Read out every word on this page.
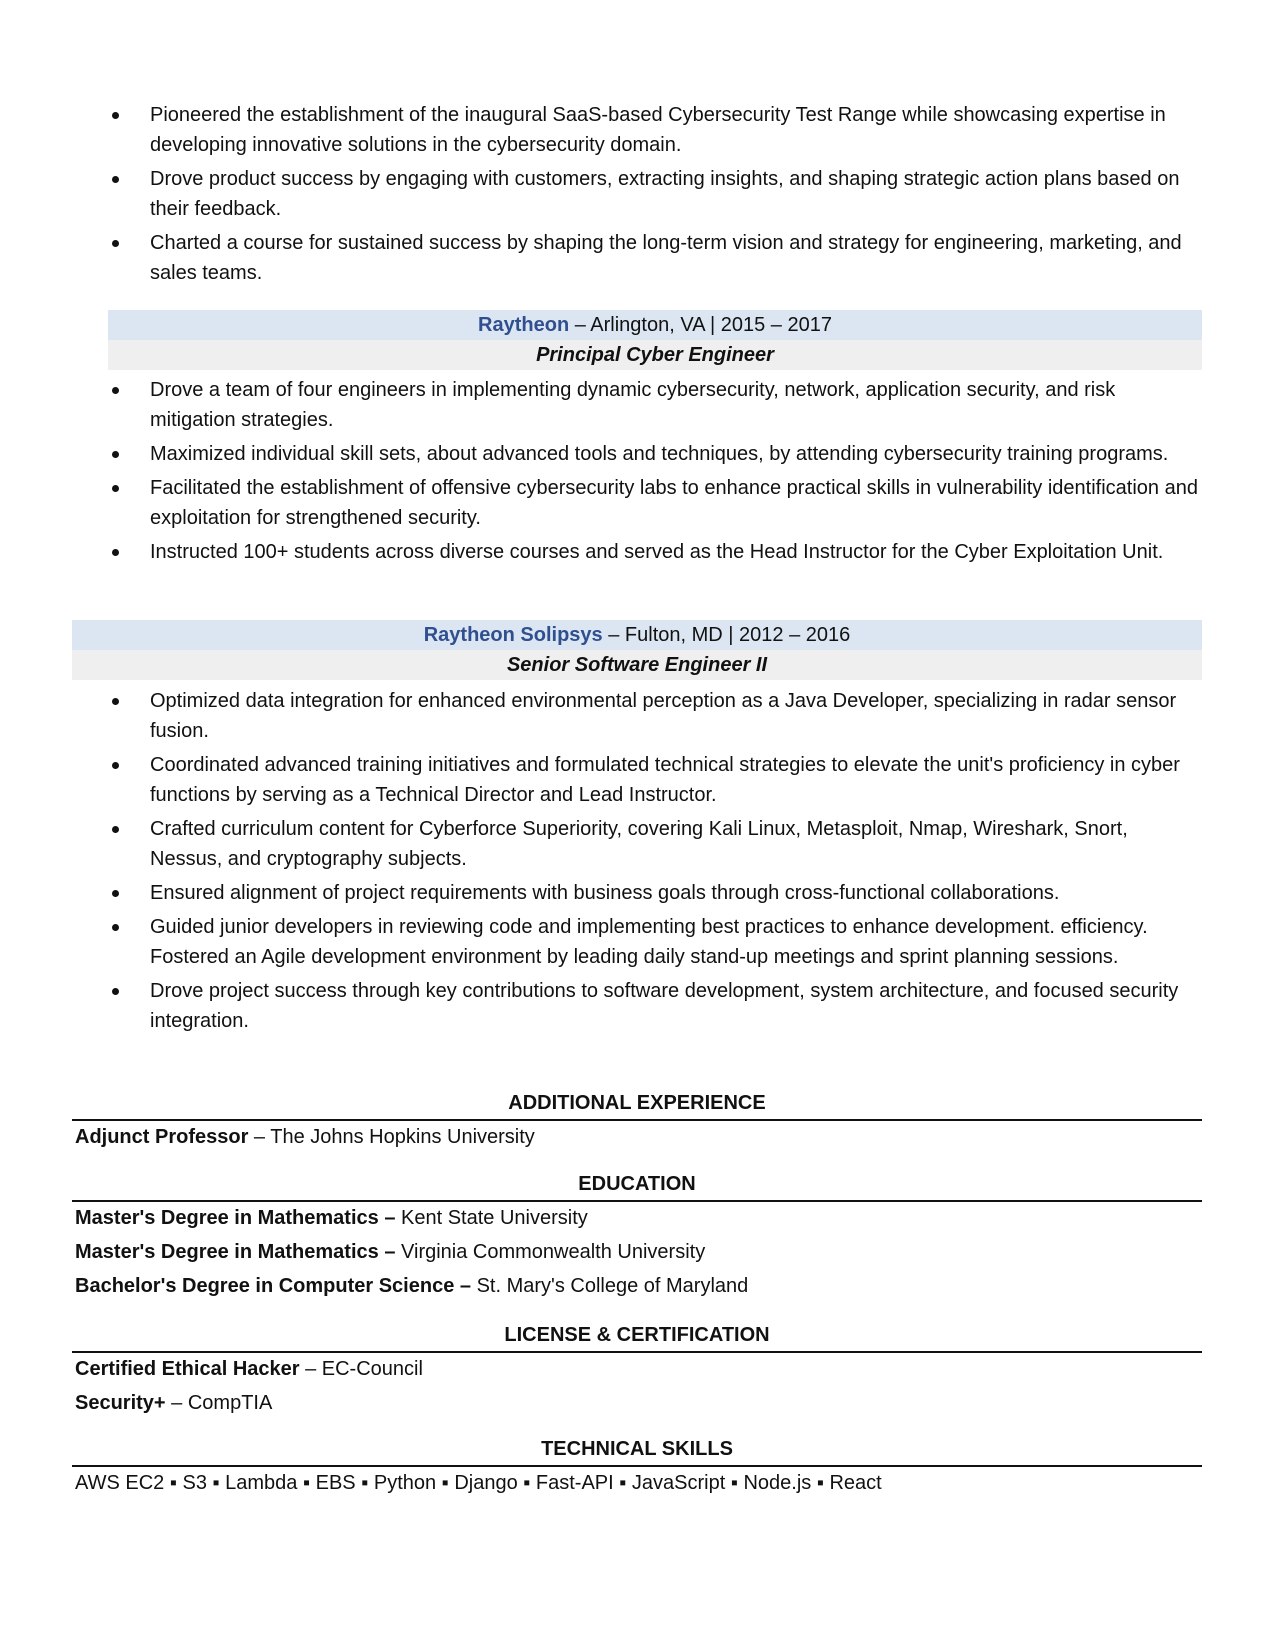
Pioneered the establishment of the inaugural SaaS-based Cybersecurity Test Range while showcasing expertise in developing innovative solutions in the cybersecurity domain.
Drove product success by engaging with customers, extracting insights, and shaping strategic action plans based on their feedback.
Charted a course for sustained success by shaping the long-term vision and strategy for engineering, marketing, and sales teams.
Raytheon – Arlington, VA | 2015 – 2017
Principal Cyber Engineer
Drove a team of four engineers in implementing dynamic cybersecurity, network, application security, and risk mitigation strategies.
Maximized individual skill sets, about advanced tools and techniques, by attending cybersecurity training programs.
Facilitated the establishment of offensive cybersecurity labs to enhance practical skills in vulnerability identification and exploitation for strengthened security.
Instructed 100+ students across diverse courses and served as the Head Instructor for the Cyber Exploitation Unit.
Raytheon Solipsys – Fulton, MD | 2012 – 2016
Senior Software Engineer II
Optimized data integration for enhanced environmental perception as a Java Developer, specializing in radar sensor fusion.
Coordinated advanced training initiatives and formulated technical strategies to elevate the unit's proficiency in cyber functions by serving as a Technical Director and Lead Instructor.
Crafted curriculum content for Cyberforce Superiority, covering Kali Linux, Metasploit, Nmap, Wireshark, Snort, Nessus, and cryptography subjects.
Ensured alignment of project requirements with business goals through cross-functional collaborations.
Guided junior developers in reviewing code and implementing best practices to enhance development. efficiency. Fostered an Agile development environment by leading daily stand-up meetings and sprint planning sessions.
Drove project success through key contributions to software development, system architecture, and focused security integration.
ADDITIONAL EXPERIENCE
Adjunct Professor – The Johns Hopkins University
EDUCATION
Master's Degree in Mathematics – Kent State University
Master's Degree in Mathematics – Virginia Commonwealth University
Bachelor's Degree in Computer Science – St. Mary's College of Maryland
LICENSE & CERTIFICATION
Certified Ethical Hacker – EC-Council
Security+ – CompTIA
TECHNICAL SKILLS
AWS EC2 ▪ S3 ▪ Lambda ▪ EBS ▪ Python ▪ Django ▪ Fast-API ▪ JavaScript ▪ Node.js ▪ React
